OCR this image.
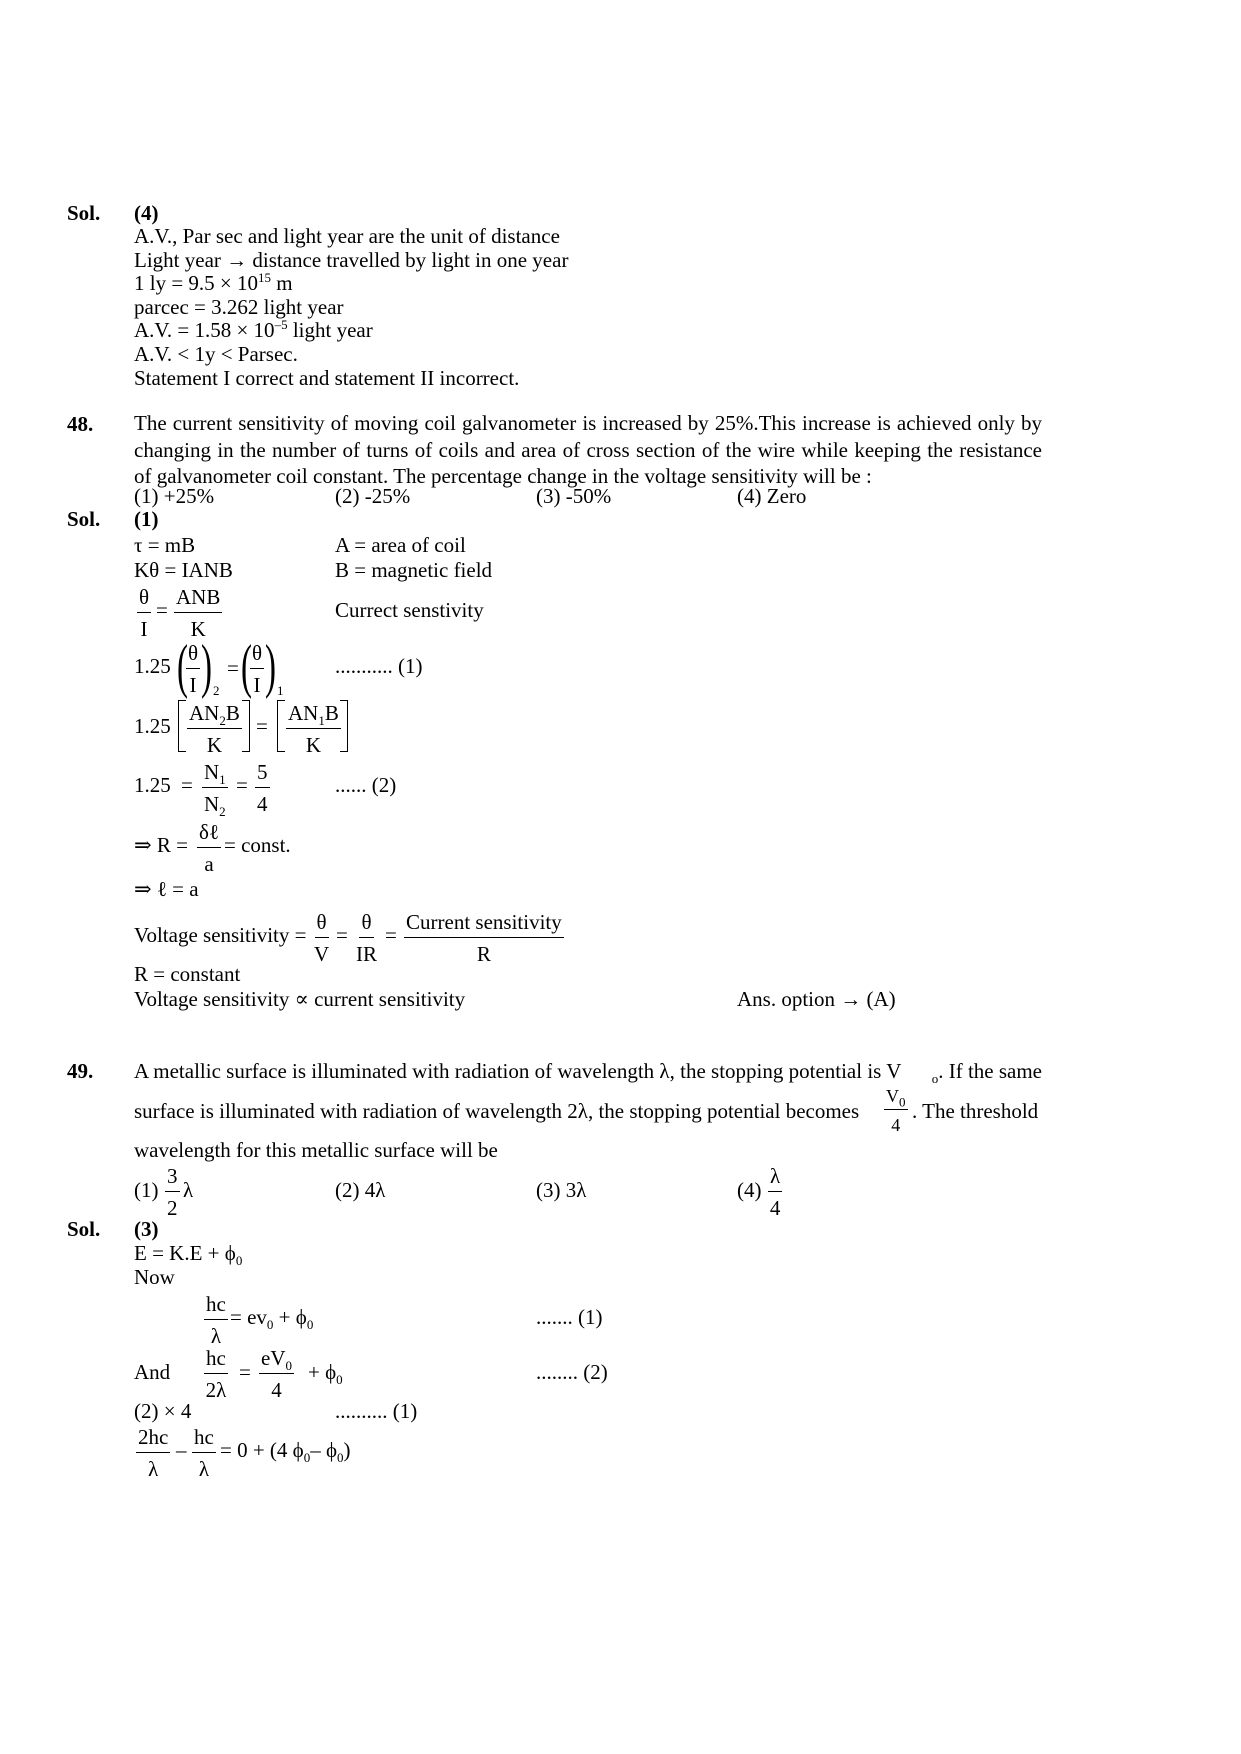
Sol. (4)
A.V., Par sec and light year are the unit of distance
Light year → distance travelled by light in one year
1 ly = $9.5 \times 10^{15}$ m
parcec = 3.262 light year
A.V. = $1.58 \times 10^{-5}$ light year
A.V. < 1y < Parsec.
Statement I correct and statement II incorrect.
48. The current sensitivity of moving coil galvanometer is increased by 25%.This increase is achieved only by changing in the number of turns of coils and area of cross section of the wire while keeping the resistance of galvanometer coil constant. The percentage change in the voltage sensitivity will be :
(1) +25%	(2) -25%	(3) -50%	(4) Zero
Sol. (1)
τ = mB	A = area of coil
Kθ = IANB	B = magnetic field
$\frac{\theta}{I}$ =
ANB
K
Currect senstivity
1.25 (
$\frac{\theta}{I}$ ) 2
= (
$\frac{\theta}{I}$ ) 1
........... (1)
$1.25 \frac{AN_2B}{K} = \frac{AN_1B}{K}$
$1.25 = \frac{N_1}{N_2} = \frac{5}{4}$	...... (2)
⇒ R =
δℓ
a
= const.
⇒ ℓ = a
Voltage sensitivity = $\frac{\theta}{V} = \frac{\theta}{IR}$ =
Current sensitivity
R
R = constant
Voltage sensitivity ∝ current sensitivity	Ans. option → (A)
49. A metallic surface is illuminated with radiation of wavelength λ, the stopping potential is V $_o$. If the same
surface is illuminated with radiation of wavelength 2λ, the stopping potential becomes	$\frac{V_0}{4}$ . The threshold
wavelength for this metallic surface will be
$(1) \frac{3}{2}$ λ	(2) 4λ	(3) 3λ	$(4) \frac{\lambda}{4}$
Sol. (3)
$E = K.E + \phi_0$
Now
$\frac{hc}{\lambda} = ev_0 + \phi_0$	....... (1)
And $\frac{hc}{2\lambda} = \frac{eV_0}{4} + \phi_0$	........ (2)
(2) × 4	.......... (1)
$\frac{2hc}{\lambda} - \frac{hc}{\lambda} = 0 + (4$ $\phi_0-$ $\phi_0$)
